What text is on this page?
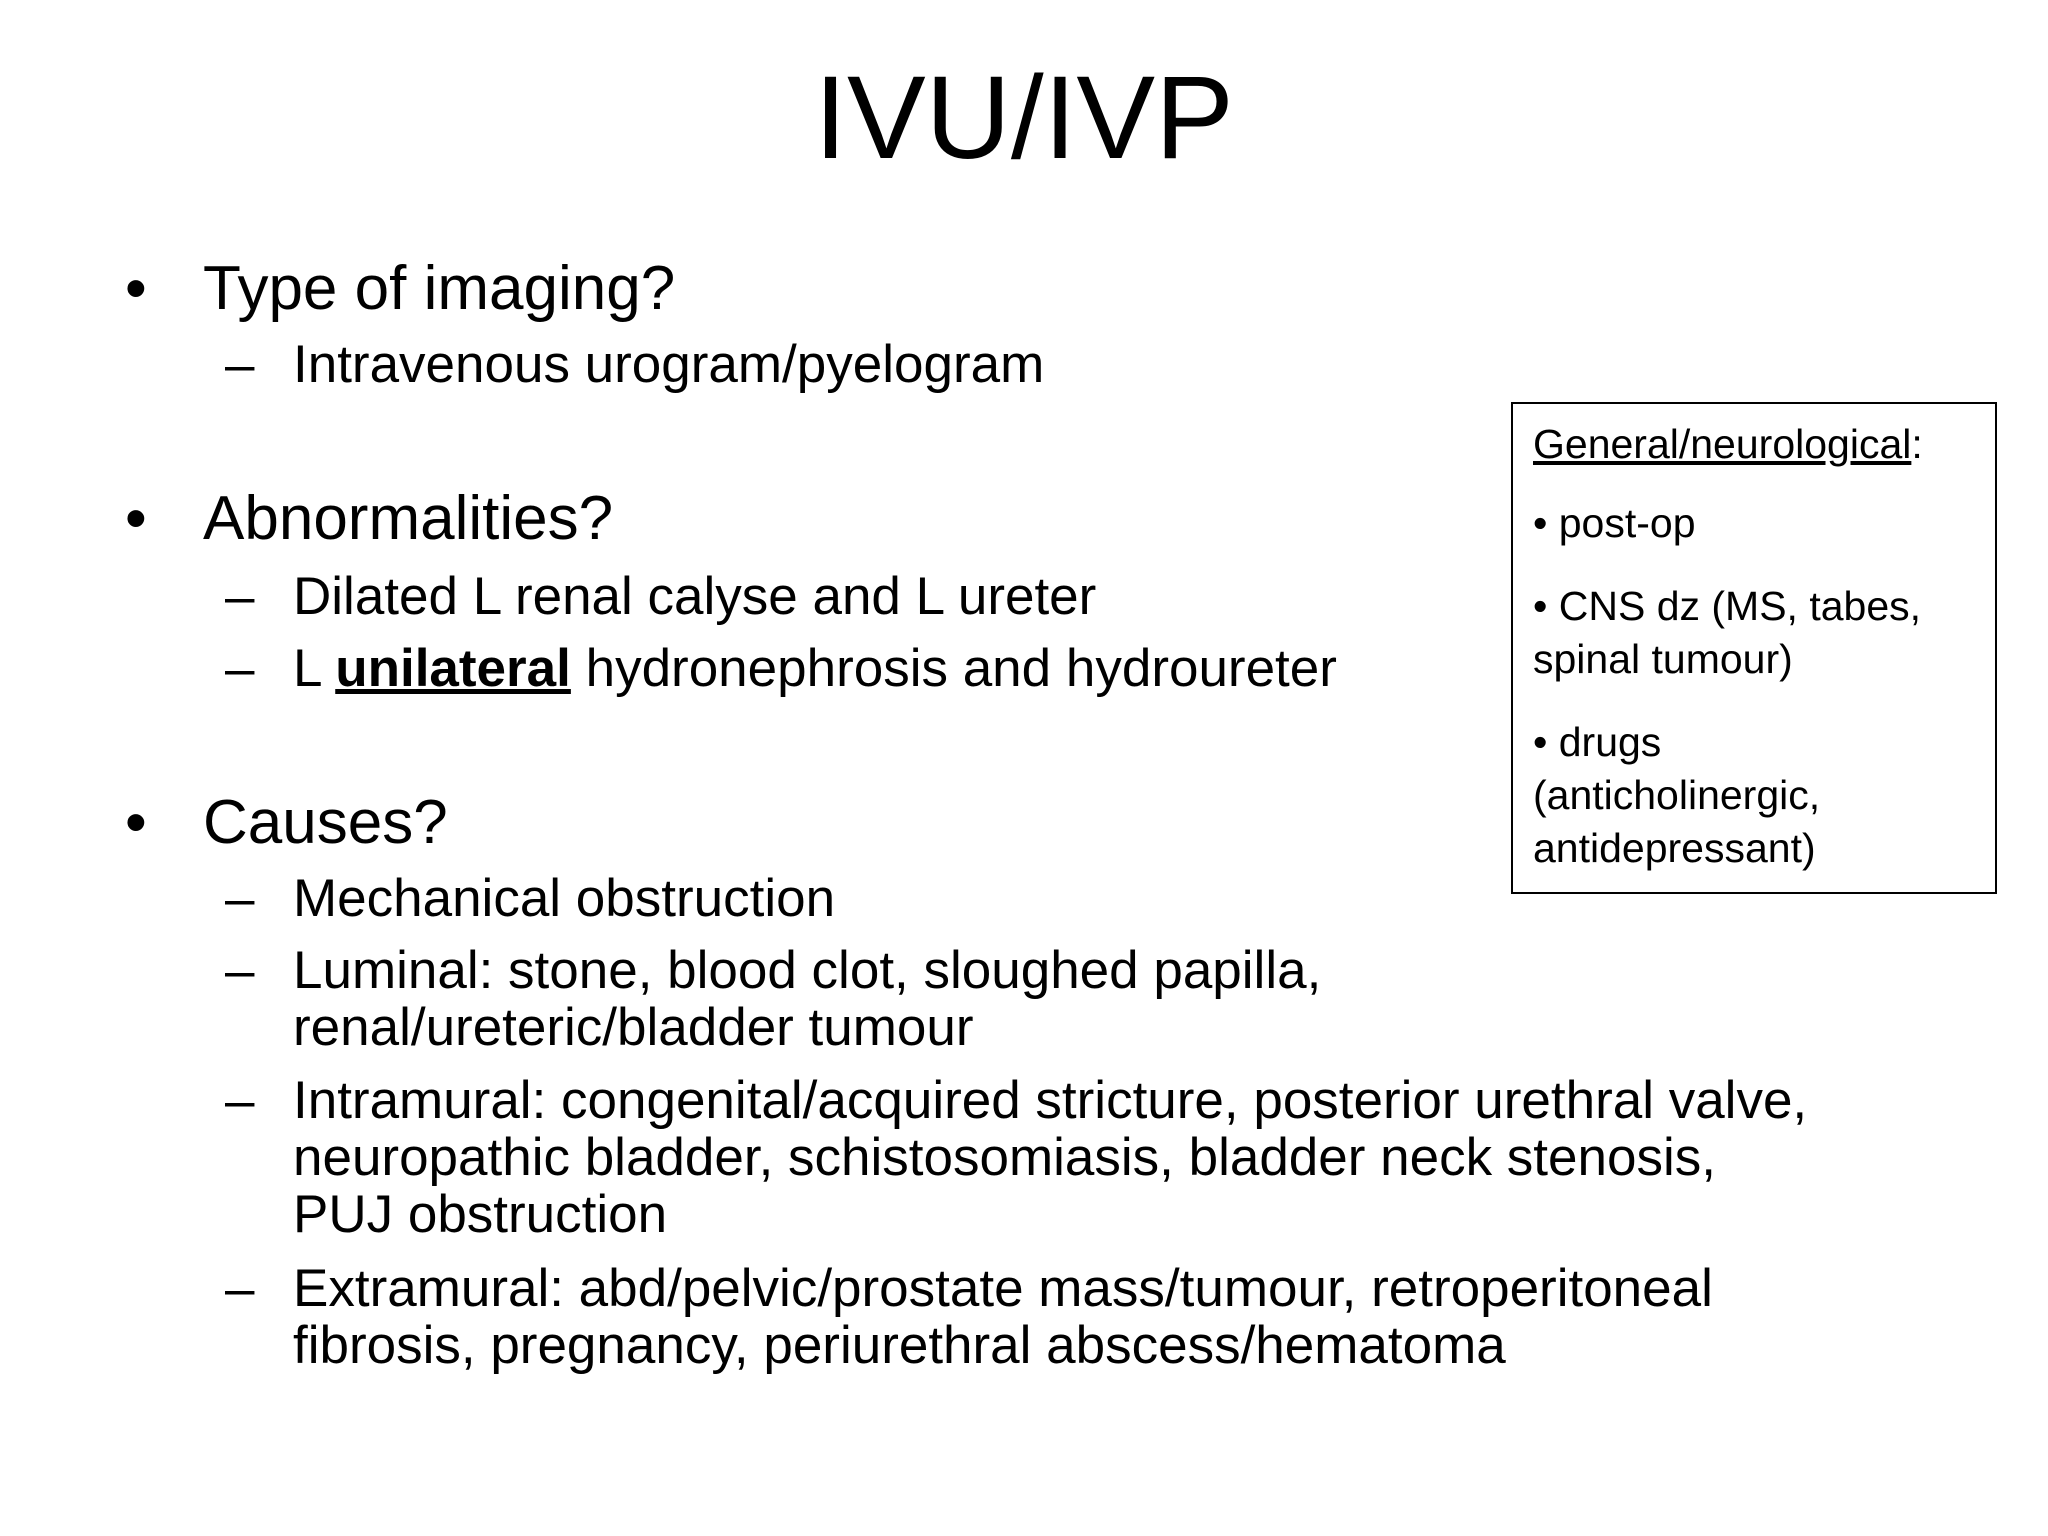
IVU/IVP
• Type of imaging?
– Intravenous urogram/pyelogram
• Abnormalities?
– Dilated L renal calyse and L ureter
– L unilateral hydronephrosis and hydroureter
• Causes?
– Mechanical obstruction
– Luminal: stone, blood clot, sloughed papilla,
renal/ureteric/bladder tumour
– Intramural: congenital/acquired stricture, posterior urethral valve,
neuropathic bladder, schistosomiasis, bladder neck stenosis,
PUJ obstruction
– Extramural: abd/pelvic/prostate mass/tumour, retroperitoneal
fibrosis, pregnancy, periurethral abscess/hematoma
General/neurological:
• post-op
• CNS dz (MS, tabes,
spinal tumour)
• drugs
(anticholinergic,
antidepressant)
